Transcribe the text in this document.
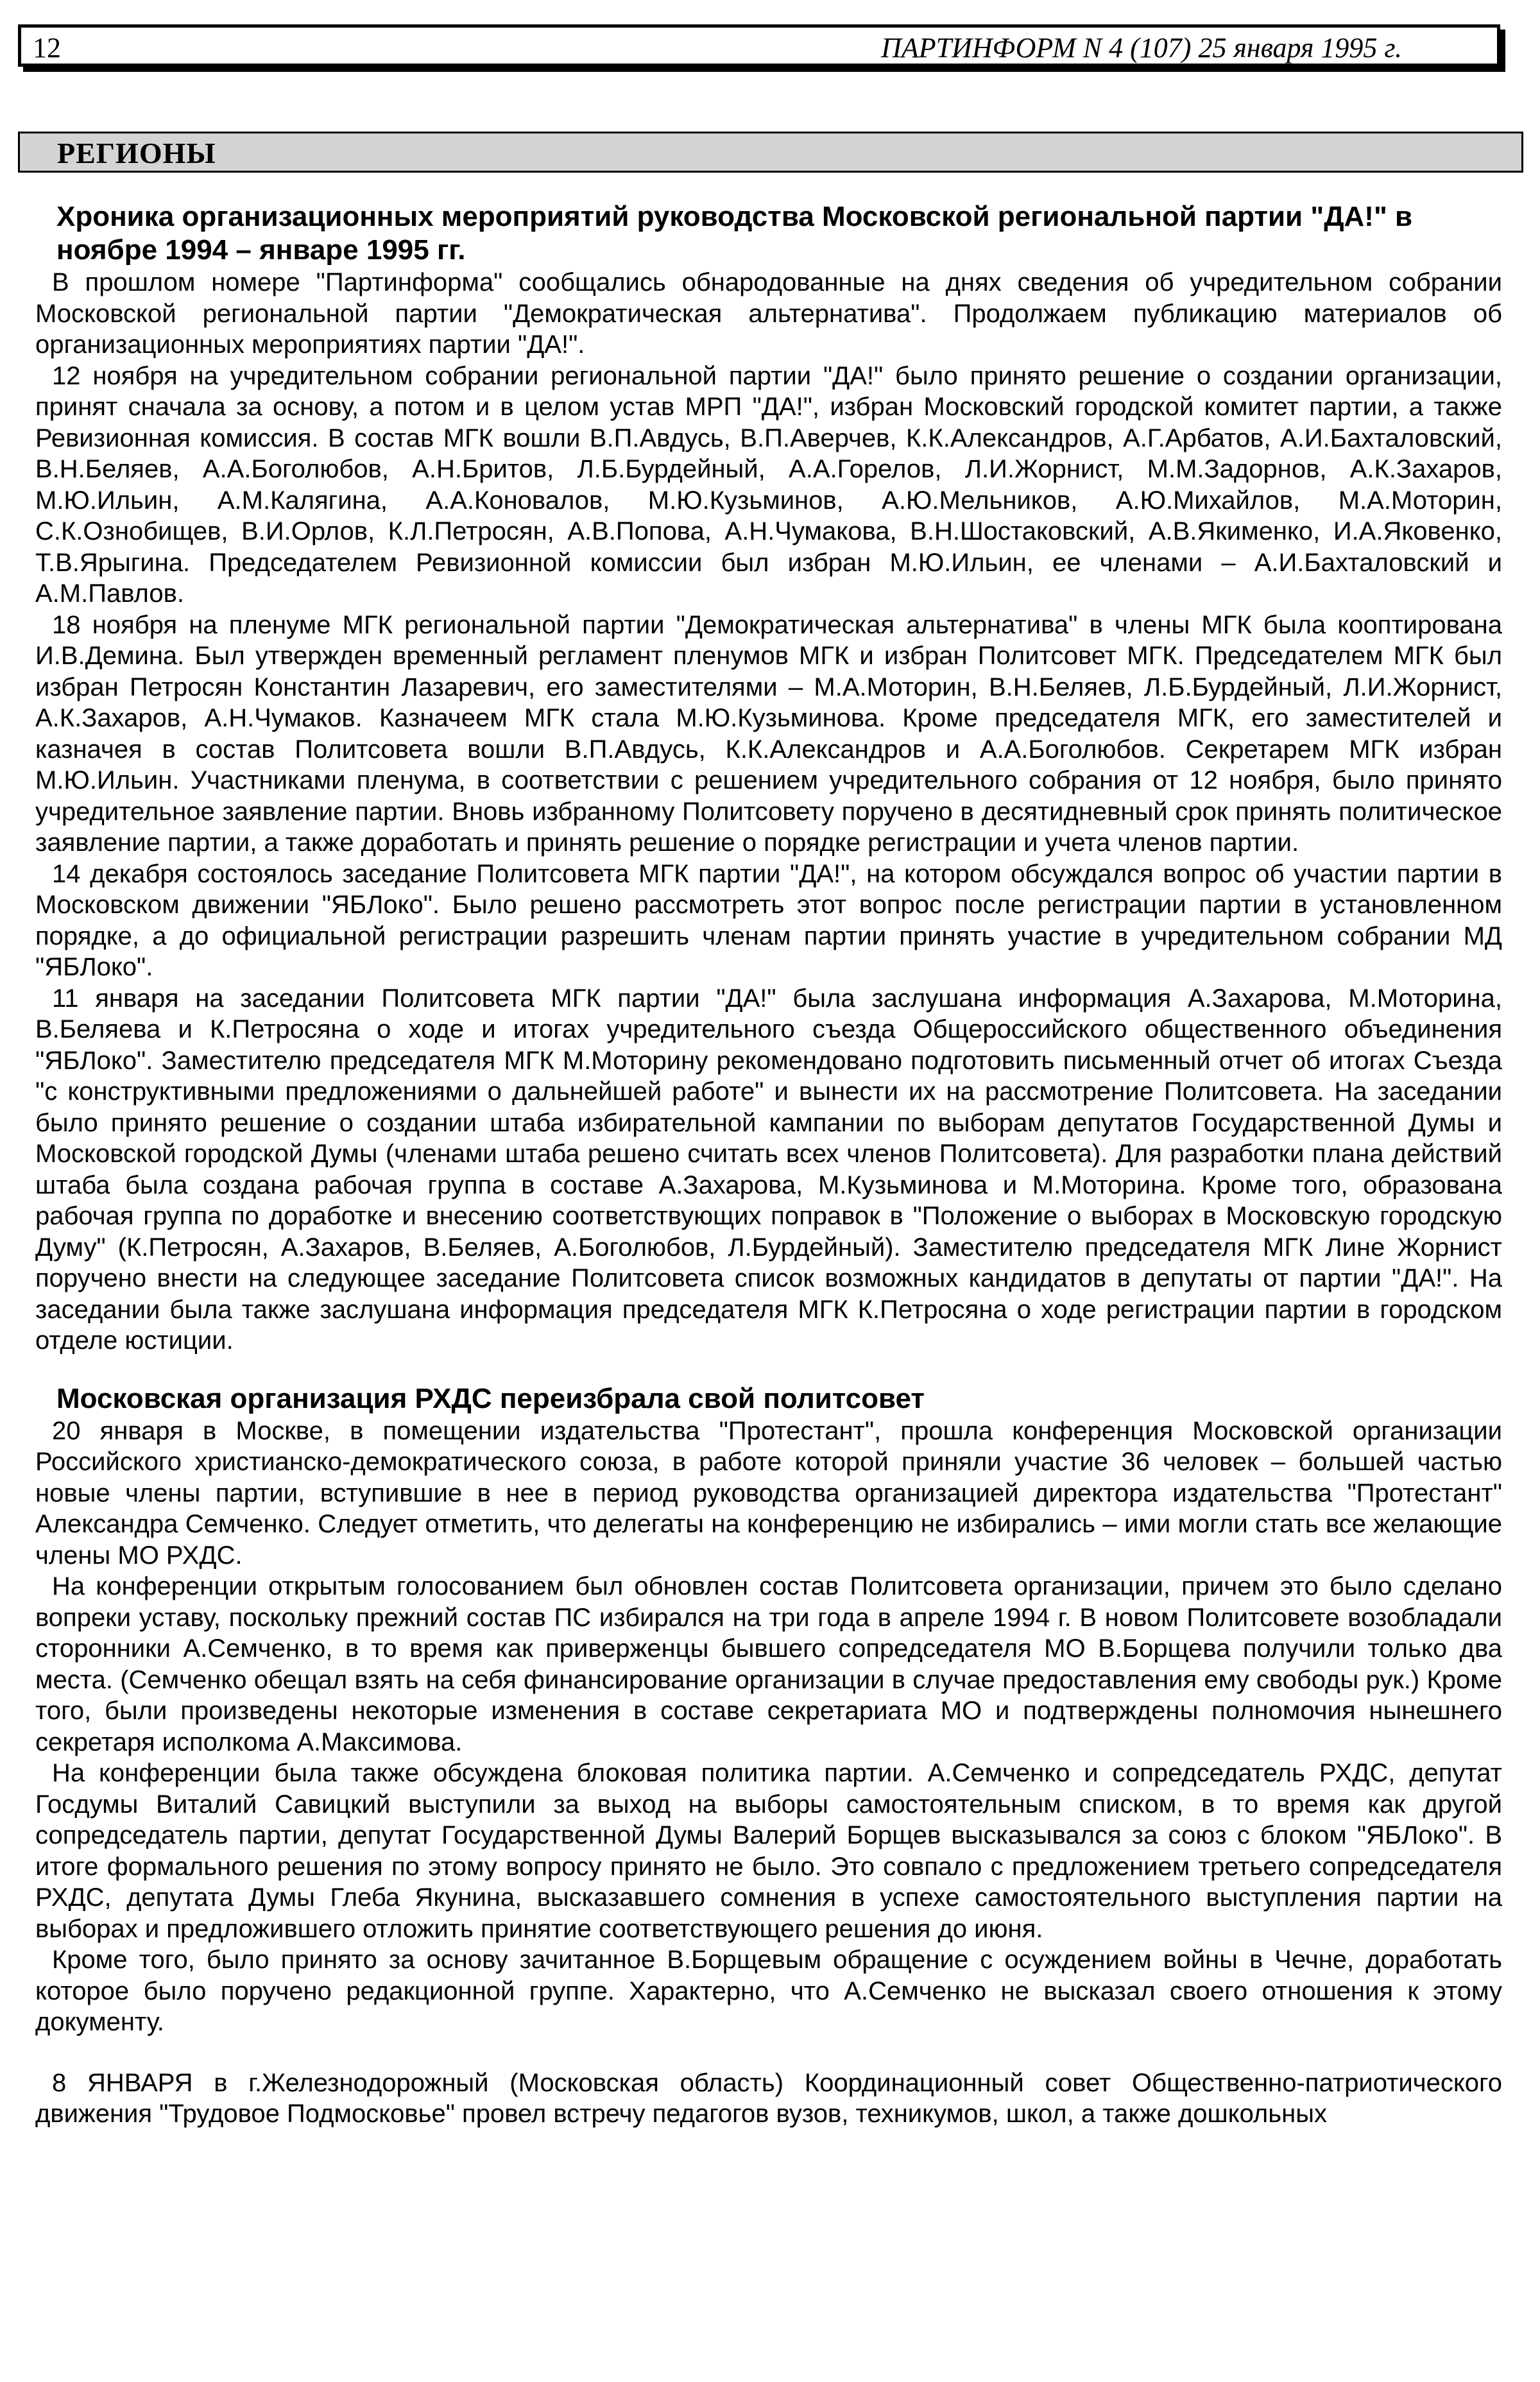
12	ПАРТИНФОРМ N 4 (107) 25 января 1995 г.
РЕГИОНЫ
Хроника организационных мероприятий руководства Московской региональной партии "ДА!" в ноябре 1994 – январе 1995 гг.

В прошлом номере "Партинформа" сообщались обнародованные на днях сведения об учредительном собрании Московской региональной партии "Демократическая альтернатива". Продолжаем публикацию материалов об организационных мероприятиях партии "ДА!".

12 ноября на учредительном собрании региональной партии "ДА!" было принято решение о создании организации, принят сначала за основу, а потом и в целом устав МРП "ДА!", избран Московский городской комитет партии, а также Ревизионная комиссия. В состав МГК вошли В.П.Авдусь, В.П.Аверчев, К.К.Александров, А.Г.Арбатов, А.И.Бахталовский, В.Н.Беляев, А.А.Боголюбов, А.Н.Бритов, Л.Б.Бурдейный, А.А.Горелов, Л.И.Жорнист, М.М.Задорнов, А.К.Захаров, М.Ю.Ильин, А.М.Калягина, А.А.Коновалов, М.Ю.Кузьминов, А.Ю.Мельников, А.Ю.Михайлов, М.А.Моторин, С.К.Ознобищев, В.И.Орлов, К.Л.Петросян, А.В.Попова, А.Н.Чумакова, В.Н.Шостаковский, А.В.Якименко, И.А.Яковенко, Т.В.Ярыгина. Председателем Ревизионной комиссии был избран М.Ю.Ильин, ее членами – А.И.Бахталовский и А.М.Павлов.

18 ноября на пленуме МГК региональной партии "Демократическая альтернатива" в члены МГК была кооптирована И.В.Демина. Был утвержден временный регламент пленумов МГК и избран Политсовет МГК. Председателем МГК был избран Петросян Константин Лазаревич, его заместителями – М.А.Моторин, В.Н.Беляев, Л.Б.Бурдейный, Л.И.Жорнист, А.К.Захаров, А.Н.Чумаков. Казначеем МГК стала М.Ю.Кузьминова. Кроме председателя МГК, его заместителей и казначея в состав Политсовета вошли В.П.Авдусь, К.К.Александров и А.А.Боголюбов. Секретарем МГК избран М.Ю.Ильин. Участниками пленума, в соответствии с решением учредительного собрания от 12 ноября, было принято учредительное заявление партии. Вновь избранному Политсовету поручено в десятидневный срок принять политическое заявление партии, а также доработать и принять решение о порядке регистрации и учета членов партии.

14 декабря состоялось заседание Политсовета МГК партии "ДА!", на котором обсуждался вопрос об участии партии в Московском движении "ЯБЛоко". Было решено рассмотреть этот вопрос после регистрации партии в установленном порядке, а до официальной регистрации разрешить членам партии принять участие в учредительном собрании МД "ЯБЛоко".

11 января на заседании Политсовета МГК партии "ДА!" была заслушана информация А.Захарова, М.Моторина, В.Беляева и К.Петросяна о ходе и итогах учредительного съезда Общероссийского общественного объединения "ЯБЛоко". Заместителю председателя МГК М.Моторину рекомендовано подготовить письменный отчет об итогах Съезда "с конструктивными предложениями о дальнейшей работе" и вынести их на рассмотрение Политсовета. На заседании было принято решение о создании штаба избирательной кампании по выборам депутатов Государственной Думы и Московской городской Думы (членами штаба решено считать всех членов Политсовета). Для разработки плана действий штаба была создана рабочая группа в составе А.Захарова, М.Кузьминова и М.Моторина. Кроме того, образована рабочая группа по доработке и внесению соответствующих поправок в "Положение о выборах в Московскую городскую Думу" (К.Петросян, А.Захаров, В.Беляев, А.Боголюбов, Л.Бурдейный). Заместителю председателя МГК Лине Жорнист поручено внести на следующее заседание Политсовета список возможных кандидатов в депутаты от партии "ДА!". На заседании была также заслушана информация председателя МГК К.Петросяна о ходе регистрации партии в городском отделе юстиции.

Московская организация РХДС переизбрала свой политсовет

20 января в Москве, в помещении издательства "Протестант", прошла конференция Московской организации Российского христианско-демократического союза, в работе которой приняли участие 36 человек – большей частью новые члены партии, вступившие в нее в период руководства организацией директора издательства "Протестант" Александра Семченко. Следует отметить, что делегаты на конференцию не избирались – ими могли стать все желающие члены МО РХДС.

На конференции открытым голосованием был обновлен состав Политсовета организации, причем это было сделано вопреки уставу, поскольку прежний состав ПС избирался на три года в апреле 1994 г. В новом Политсовете возобладали сторонники А.Семченко, в то время как приверженцы бывшего сопредседателя МО В.Борщева получили только два места. (Семченко обещал взять на себя финансирование организации в случае предоставления ему свободы рук.) Кроме того, были произведены некоторые изменения в составе секретариата МО и подтверждены полномочия нынешнего секретаря исполкома А.Максимова.

На конференции была также обсуждена блоковая политика партии. А.Семченко и сопредседатель РХДС, депутат Госдумы Виталий Савицкий выступили за выход на выборы самостоятельным списком, в то время как другой сопредседатель партии, депутат Государственной Думы Валерий Борщев высказывался за союз с блоком "ЯБЛоко". В итоге формального решения по этому вопросу принято не было. Это совпало с предложением третьего сопредседателя РХДС, депутата Думы Глеба Якунина, высказавшего сомнения в успехе самостоятельного выступления партии на выборах и предложившего отложить принятие соответствующего решения до июня.

Кроме того, было принято за основу зачитанное В.Борщевым обращение с осуждением войны в Чечне, доработать которое было поручено редакционной группе. Характерно, что А.Семченко не высказал своего отношения к этому документу.

8 ЯНВАРЯ в г.Железнодорожный (Московская область) Координационный совет Общественно-патриотического движения "Трудовое Подмосковье" провел встречу педагогов вузов, техникумов, школ, а также дошкольных
